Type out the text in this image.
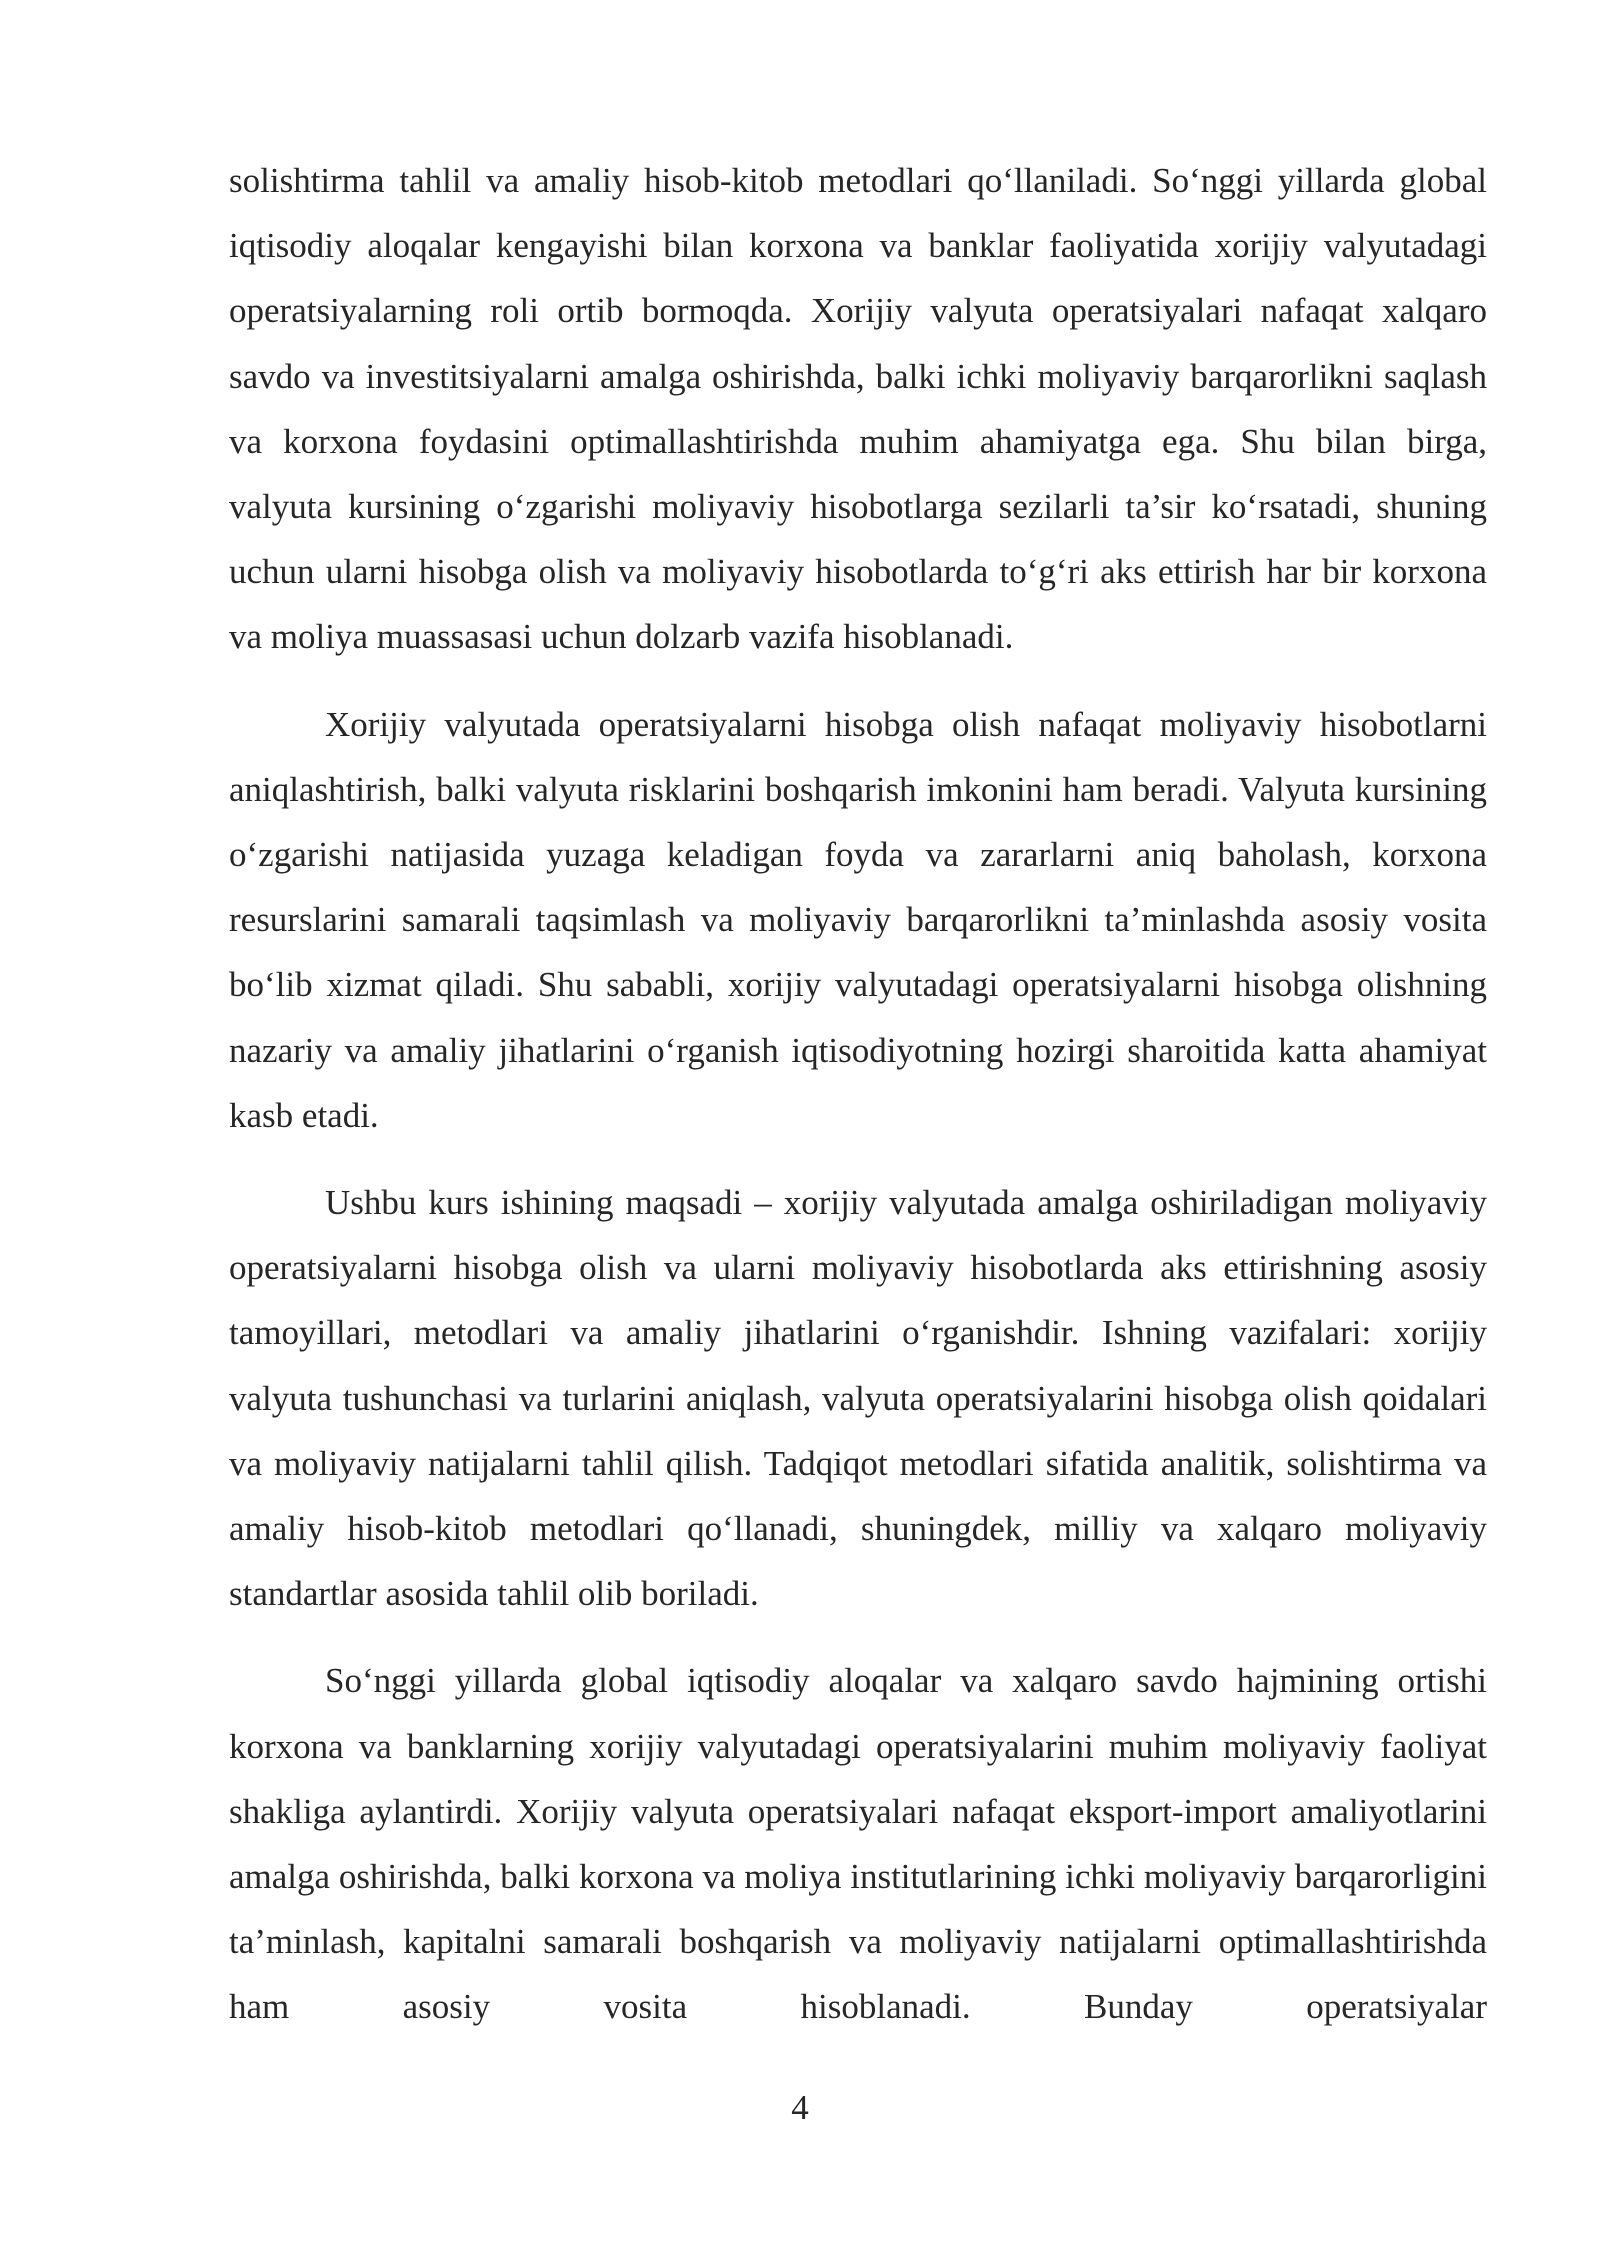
solishtirma tahlil va amaliy hisob-kitob metodlari qo‘llaniladi. So‘nggi yillarda global iqtisodiy aloqalar kengayishi bilan korxona va banklar faoliyatida xorijiy valyutadagi operatsiyalarning roli ortib bormoqda. Xorijiy valyuta operatsiyalari nafaqat xalqaro savdo va investitsiyalarni amalga oshirishda, balki ichki moliyaviy barqarorlikni saqlash va korxona foydasini optimallashtirishda muhim ahamiyatga ega. Shu bilan birga, valyuta kursining o‘zgarishi moliyaviy hisobotlarga sezilarli ta’sir ko‘rsatadi, shuning uchun ularni hisobga olish va moliyaviy hisobotlarda to‘g‘ri aks ettirish har bir korxona va moliya muassasasi uchun dolzarb vazifa hisoblanadi.

Xorijiy valyutada operatsiyalarni hisobga olish nafaqat moliyaviy hisobotlarni aniqlashtirish, balki valyuta risklarini boshqarish imkonini ham beradi. Valyuta kursining o‘zgarishi natijasida yuzaga keladigan foyda va zararlarni aniq baholash, korxona resurslarini samarali taqsimlash va moliyaviy barqarorlikni ta’minlashda asosiy vosita bo‘lib xizmat qiladi. Shu sababli, xorijiy valyutadagi operatsiyalarni hisobga olishning nazariy va amaliy jihatlarini o‘rganish iqtisodiyotning hozirgi sharoitida katta ahamiyat kasb etadi.

Ushbu kurs ishining maqsadi – xorijiy valyutada amalga oshiriladigan moliyaviy operatsiyalarni hisobga olish va ularni moliyaviy hisobotlarda aks ettirishning asosiy tamoyillari, metodlari va amaliy jihatlarini o‘rganishdir. Ishning vazifalari: xorijiy valyuta tushunchasi va turlarini aniqlash, valyuta operatsiyalarini hisobga olish qoidalari va moliyaviy natijalarni tahlil qilish. Tadqiqot metodlari sifatida analitik, solishtirma va amaliy hisob-kitob metodlari qo‘llanadi, shuningdek, milliy va xalqaro moliyaviy standartlar asosida tahlil olib boriladi.

So‘nggi yillarda global iqtisodiy aloqalar va xalqaro savdo hajmining ortishi korxona va banklarning xorijiy valyutadagi operatsiyalarini muhim moliyaviy faoliyat shakliga aylantirdi. Xorijiy valyuta operatsiyalari nafaqat eksport-import amaliyotlarini amalga oshirishda, balki korxona va moliya institutlarining ichki moliyaviy barqarorligini ta’minlash, kapitalni samarali boshqarish va moliyaviy natijalarni optimallashtirishda ham asosiy vosita hisoblanadi. Bunday operatsiyalar

4
